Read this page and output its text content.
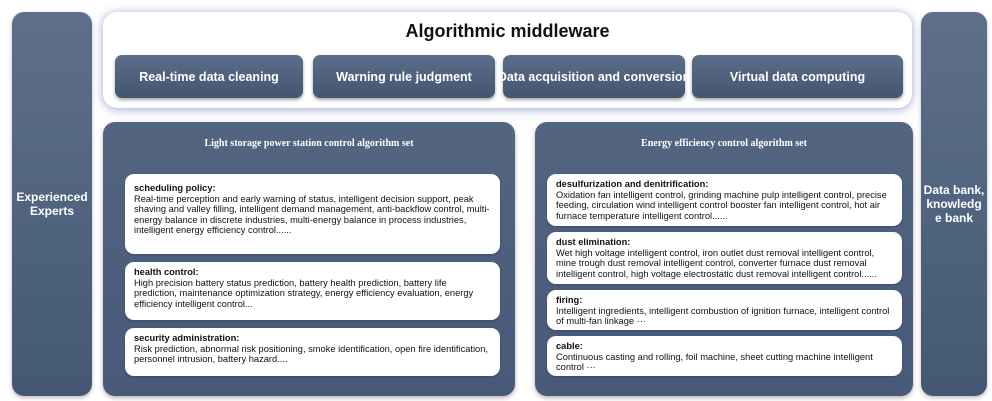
Experienced
Experts
Algorithmic middleware
Real-time data cleaning	Warning rule judgment	Data acquisition and conversion	Virtual data computing
Light storage power station control algorithm set
scheduling policy:
Real-time perception and early warning of status, intelligent decision support, peak shaving and valley filling, intelligent demand management, anti-backflow control, multi-energy balance in discrete industries, multi-energy balance in process industries, intelligent energy efficiency control......
health control:
High precision battery status prediction, battery health prediction, battery life prediction, maintenance optimization strategy, energy efficiency evaluation, energy efficiency intelligent control...
security administration:
Risk prediction, abnormal risk positioning, smoke identification, open fire identification, personnel intrusion, battery hazard....
Energy efficiency control algorithm set
desulfurization and denitrification:
Oxidation fan intelligent control, grinding machine pulp intelligent control, precise feeding, circulation wind intelligent control booster fan intelligent control, hot air furnace temperature intelligent control......
dust elimination:
Wet high voltage intelligent control, iron outlet dust removal intelligent control, mine trough dust removal intelligent control, converter furnace dust removal intelligent control, high voltage electrostatic dust removal intelligent control......
firing:
Intelligent ingredients, intelligent combustion of ignition furnace, intelligent control of multi-fan linkage ···
cable:
Continuous casting and rolling, foil machine, sheet cutting machine intelligent control ···
Data bank,
knowledg
e bank
